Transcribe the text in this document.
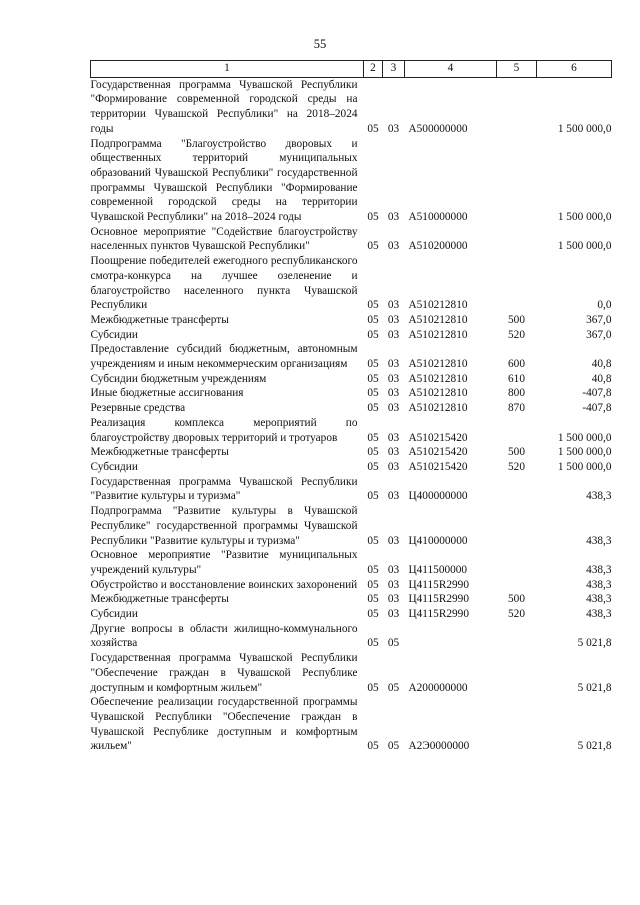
55
1	2	3	4	5	6
Государственная программа Чувашской Республики "Формирование современной городской среды на территории Чувашской Республики" на 2018–2024 годы	05	03	A500000000		1 500 000,0
Подпрограмма "Благоустройство дворовых и общественных территорий муниципальных образований Чувашской Республики" государственной программы Чувашской Республики "Формирование современной городской среды на территории Чувашской Республики" на 2018–2024 годы	05	03	A510000000		1 500 000,0
Основное мероприятие "Содействие благоустройству населенных пунктов Чувашской Республики"	05	03	A510200000		1 500 000,0
Поощрение победителей ежегодного республиканского смотра-конкурса на лучшее озеленение и благоустройство населенного пункта Чувашской Республики	05	03	A510212810		0,0
Межбюджетные трансферты	05	03	A510212810	500	367,0
Субсидии	05	03	A510212810	520	367,0
Предоставление субсидий бюджетным, автономным учреждениям и иным некоммерческим организациям	05	03	A510212810	600	40,8
Субсидии бюджетным учреждениям	05	03	A510212810	610	40,8
Иные бюджетные ассигнования	05	03	A510212810	800	-407,8
Резервные средства	05	03	A510212810	870	-407,8
Реализация комплекса мероприятий по благоустройству дворовых территорий и тротуаров	05	03	A510215420		1 500 000,0
Межбюджетные трансферты	05	03	A510215420	500	1 500 000,0
Субсидии	05	03	A510215420	520	1 500 000,0
Государственная программа Чувашской Республики "Развитие культуры и туризма"	05	03	Ц400000000		438,3
Подпрограмма "Развитие культуры в Чувашской Республике" государственной программы Чувашской Республики "Развитие культуры и туризма"	05	03	Ц410000000		438,3
Основное мероприятие "Развитие муниципальных учреждений культуры"	05	03	Ц411500000		438,3
Обустройство и восстановление воинских захоронений	05	03	Ц4115R2990		438,3
Межбюджетные трансферты	05	03	Ц4115R2990	500	438,3
Субсидии	05	03	Ц4115R2990	520	438,3
Другие вопросы в области жилищно-коммунального хозяйства	05	05			5 021,8
Государственная программа Чувашской Республики "Обеспечение граждан в Чувашской Республике доступным и комфортным жильем"	05	05	A200000000		5 021,8
Обеспечение реализации государственной программы Чувашской Республики "Обеспечение граждан в Чувашской Республике доступным и комфортным жильем"	05	05	A2Э0000000		5 021,8
